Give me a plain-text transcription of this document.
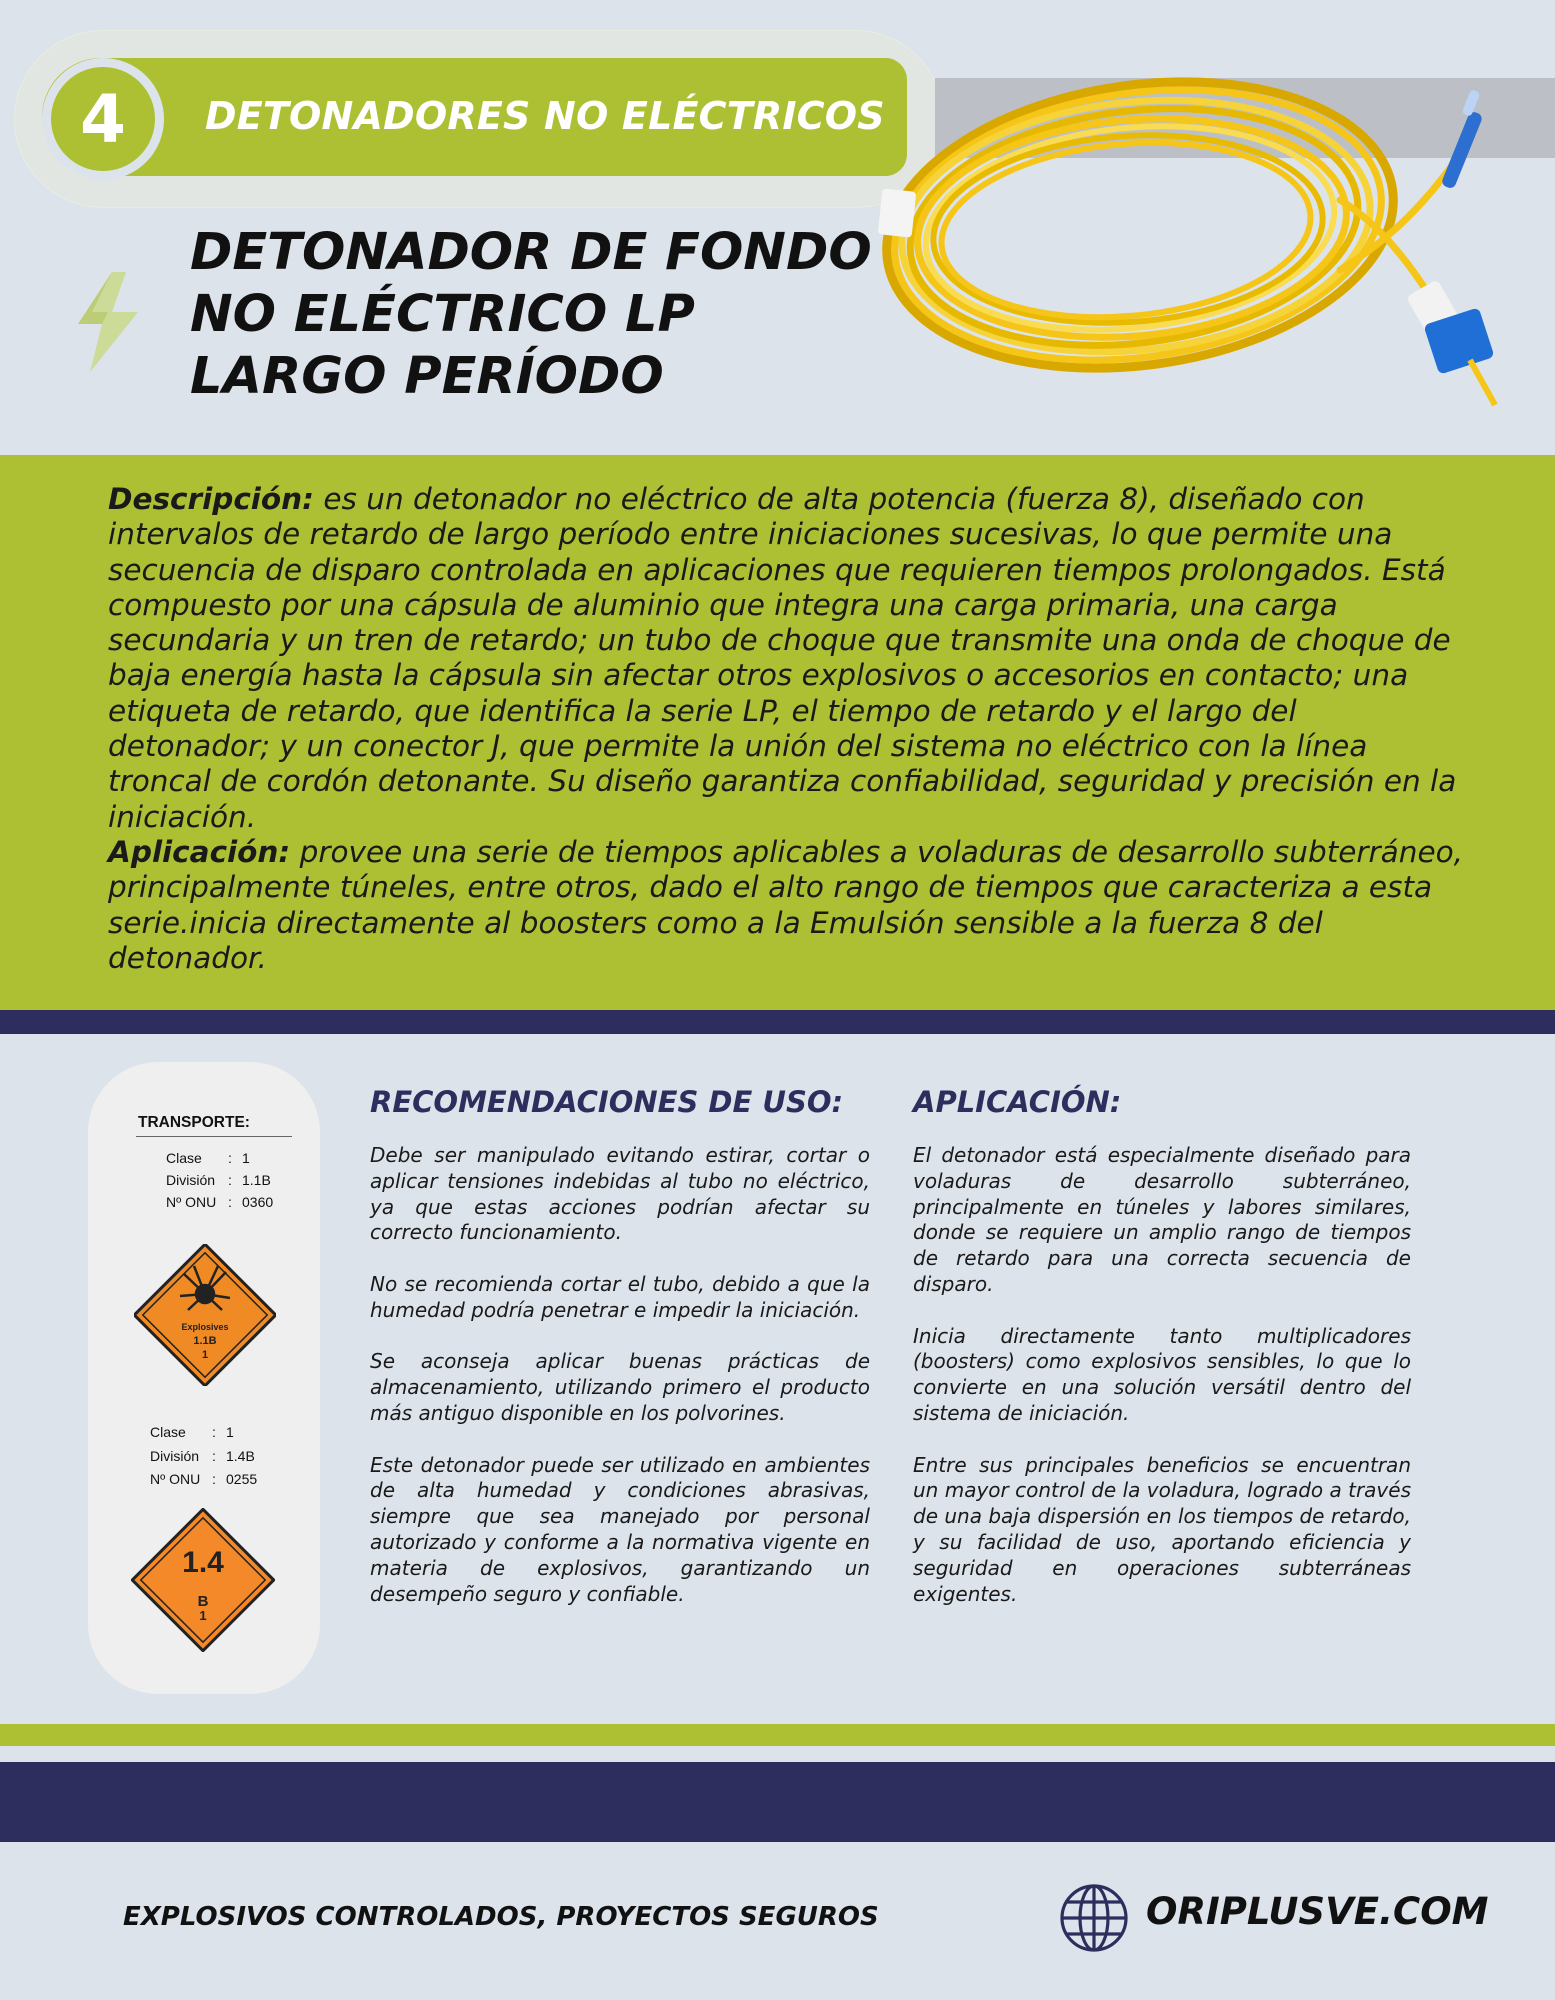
4 DETONADORES NO ELÉCTRICOS
DETONADOR DE FONDO
NO ELÉCTRICO LP
LARGO PERÍODO
Descripción: es un detonador no eléctrico de alta potencia (fuerza 8), diseñado con intervalos de retardo de largo período entre iniciaciones sucesivas, lo que permite una secuencia de disparo controlada en aplicaciones que requieren tiempos prolongados. Está compuesto por una cápsula de aluminio que integra una carga primaria, una carga secundaria y un tren de retardo; un tubo de choque que transmite una onda de choque de baja energía hasta la cápsula sin afectar otros explosivos o accesorios en contacto; una etiqueta de retardo, que identifica la serie LP, el tiempo de retardo y el largo del detonador; y un conector J, que permite la unión del sistema no eléctrico con la línea troncal de cordón detonante. Su diseño garantiza confiabilidad, seguridad y precisión en la iniciación.
Aplicación: provee una serie de tiempos aplicables a voladuras de desarrollo subterráneo, principalmente túneles, entre otros, dado el alto rango de tiempos que caracteriza a esta serie.inicia directamente al boosters como a la Emulsión sensible a la fuerza 8 del detonador.
TRANSPORTE:
Clase	: 1
División : 1.1B
Nº ONU : 0360
Explosives
1.1B
1
Clase	: 1
División : 1.4B
Nº ONU : 0255
1.4
B
1
RECOMENDACIONES DE USO:

Debe ser manipulado evitando estirar, cortar o aplicar tensiones indebidas al tubo no eléctrico, ya que estas acciones podrían afectar su correcto funcionamiento.

No se recomienda cortar el tubo, debido a que la humedad podría penetrar e impedir la iniciación.

Se aconseja aplicar buenas prácticas de almacenamiento, utilizando primero el producto más antiguo disponible en los polvorines.

Este detonador puede ser utilizado en ambientes de alta humedad y condiciones abrasivas, siempre que sea manejado por personal autorizado y conforme a la normativa vigente en materia de explosivos, garantizando un desempeño seguro y confiable.

APLICACIÓN:

El detonador está especialmente diseñado para voladuras de desarrollo subterráneo, principalmente en túneles y labores similares, donde se requiere un amplio rango de tiempos de retardo para una correcta secuencia de disparo.

Inicia directamente tanto multiplicadores (boosters) como explosivos sensibles, lo que lo convierte en una solución versátil dentro del sistema de iniciación.

Entre sus principales beneficios se encuentran un mayor control de la voladura, logrado a través de una baja dispersión en los tiempos de retardo, y su facilidad de uso, aportando eficiencia y seguridad en operaciones subterráneas exigentes.

EXPLOSIVOS CONTROLADOS, PROYECTOS SEGUROS	ORIPLUSVE.COM
